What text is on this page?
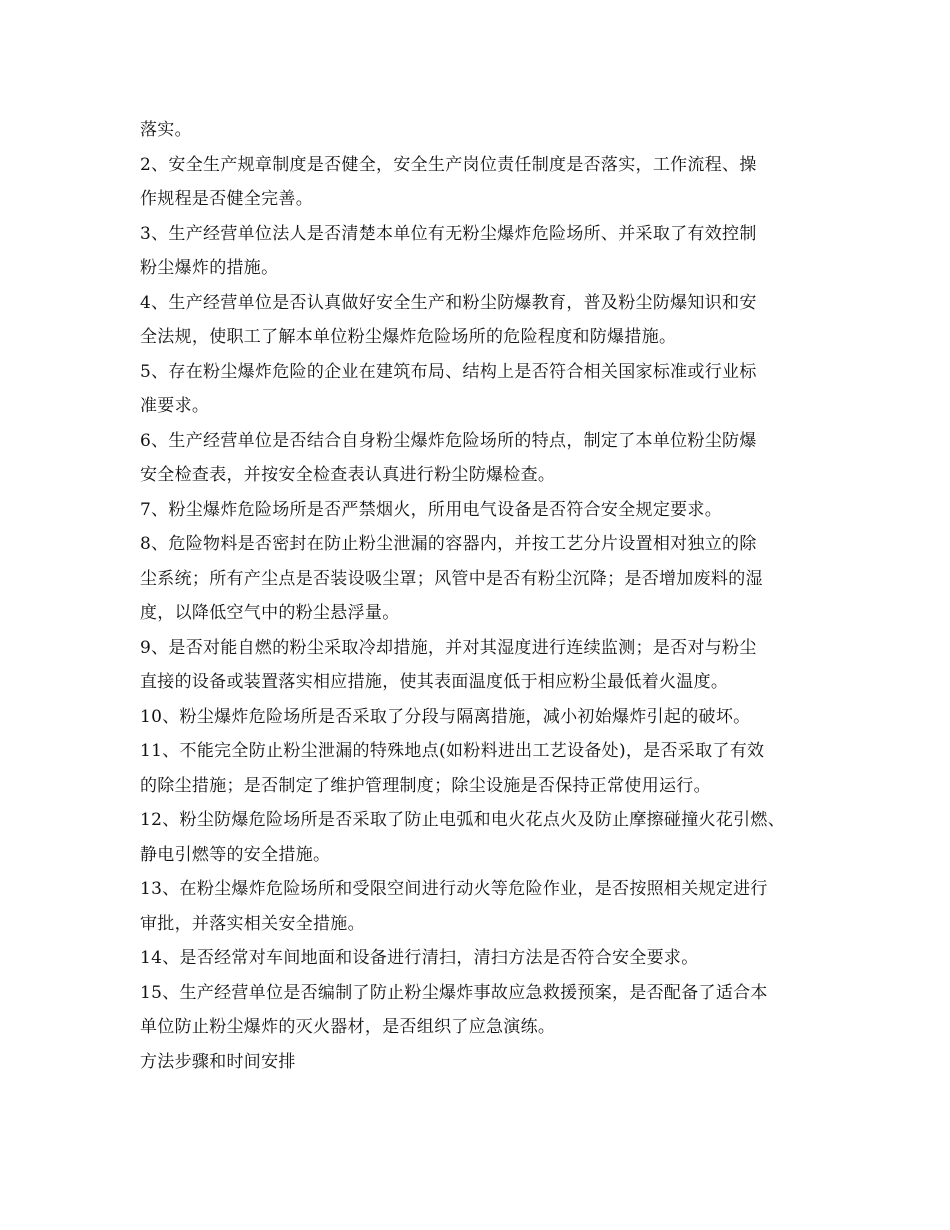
落实。
2、安全生产规章制度是否健全，安全生产岗位责任制度是否落实，工作流程、操
作规程是否健全完善。
3、生产经营单位法人是否清楚本单位有无粉尘爆炸危险场所、并采取了有效控制
粉尘爆炸的措施。
4、生产经营单位是否认真做好安全生产和粉尘防爆教育，普及粉尘防爆知识和安
全法规，使职工了解本单位粉尘爆炸危险场所的危险程度和防爆措施。
5、存在粉尘爆炸危险的企业在建筑布局、结构上是否符合相关国家标准或行业标
准要求。
6、生产经营单位是否结合自身粉尘爆炸危险场所的特点，制定了本单位粉尘防爆
安全检查表，并按安全检查表认真进行粉尘防爆检查。
7、粉尘爆炸危险场所是否严禁烟火，所用电气设备是否符合安全规定要求。
8、危险物料是否密封在防止粉尘泄漏的容器内，并按工艺分片设置相对独立的除
尘系统；所有产尘点是否装设吸尘罩；风管中是否有粉尘沉降；是否增加废料的湿
度，以降低空气中的粉尘悬浮量。
9、是否对能自燃的粉尘采取冷却措施，并对其湿度进行连续监测；是否对与粉尘
直接的设备或装置落实相应措施，使其表面温度低于相应粉尘最低着火温度。
10、粉尘爆炸危险场所是否采取了分段与隔离措施，减小初始爆炸引起的破坏。
11、不能完全防止粉尘泄漏的特殊地点(如粉料进出工艺设备处)，是否采取了有效
的除尘措施；是否制定了维护管理制度；除尘设施是否保持正常使用运行。
12、粉尘防爆危险场所是否采取了防止电弧和电火花点火及防止摩擦碰撞火花引燃、
静电引燃等的安全措施。
13、在粉尘爆炸危险场所和受限空间进行动火等危险作业，是否按照相关规定进行
审批，并落实相关安全措施。
14、是否经常对车间地面和设备进行清扫，清扫方法是否符合安全要求。
15、生产经营单位是否编制了防止粉尘爆炸事故应急救援预案，是否配备了适合本
单位防止粉尘爆炸的灭火器材，是否组织了应急演练。
方法步骤和时间安排
